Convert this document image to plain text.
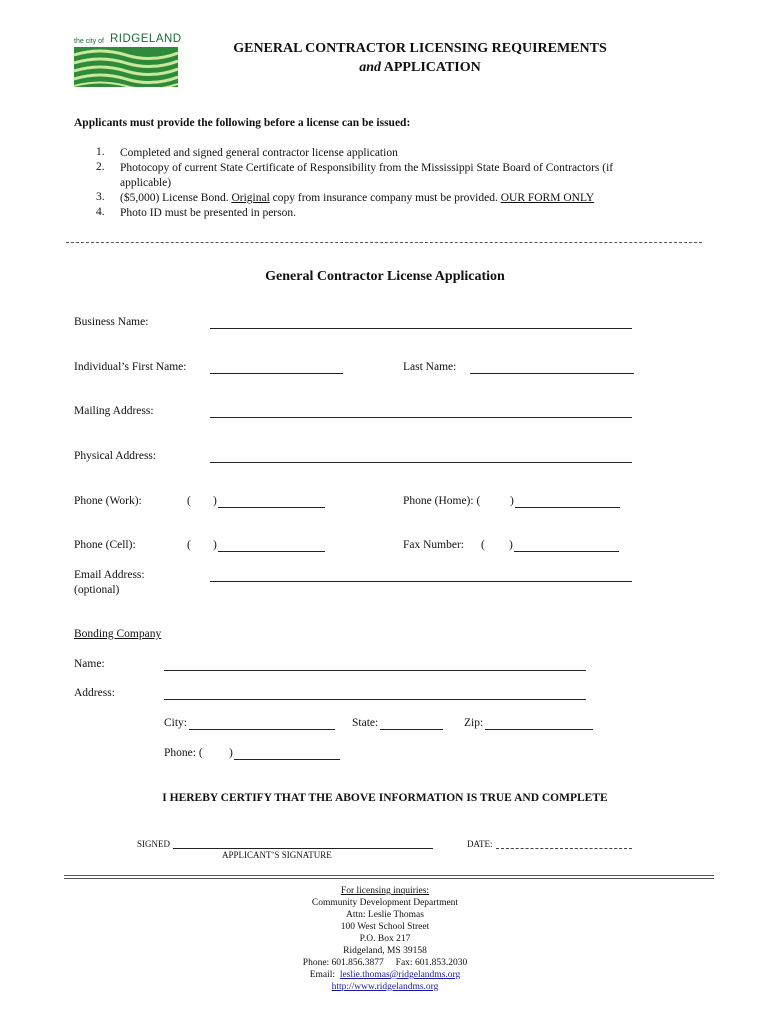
the city of RIDGELAND
GENERAL CONTRACTOR LICENSING REQUIREMENTS
and APPLICATION
Applicants must provide the following before a license can be issued:
1. Completed and signed general contractor license application
2. Photocopy of current State Certificate of Responsibility from the Mississippi State Board of Contractors (if
applicable)
3. ($5,000) License Bond. Original copy from insurance company must be provided. OUR FORM ONLY
4. Photo ID must be presented in person.
General Contractor License Application
Business Name:
Individual’s First Name:	Last Name:
Mailing Address:
Physical Address:
Phone (Work):	( )	Phone (Home): (	)
Phone (Cell):	( )	Fax Number: ( )
Email Address:
(optional)
Bonding Company
Name:
Address:
City:	State:	Zip:
Phone: ( )
I HEREBY CERTIFY THAT THE ABOVE INFORMATION IS TRUE AND COMPLETE
SIGNED
APPLICANT’S SIGNATURE
DATE:
For licensing inquiries:
Community Development Department
Attn: Leslie Thomas
100 West School Street
P.O. Box 217
Ridgeland, MS 39158
Phone: 601.856.3877     Fax: 601.853.2030
Email:  leslie.thomas@ridgelandms.org
http://www.ridgelandms.org
